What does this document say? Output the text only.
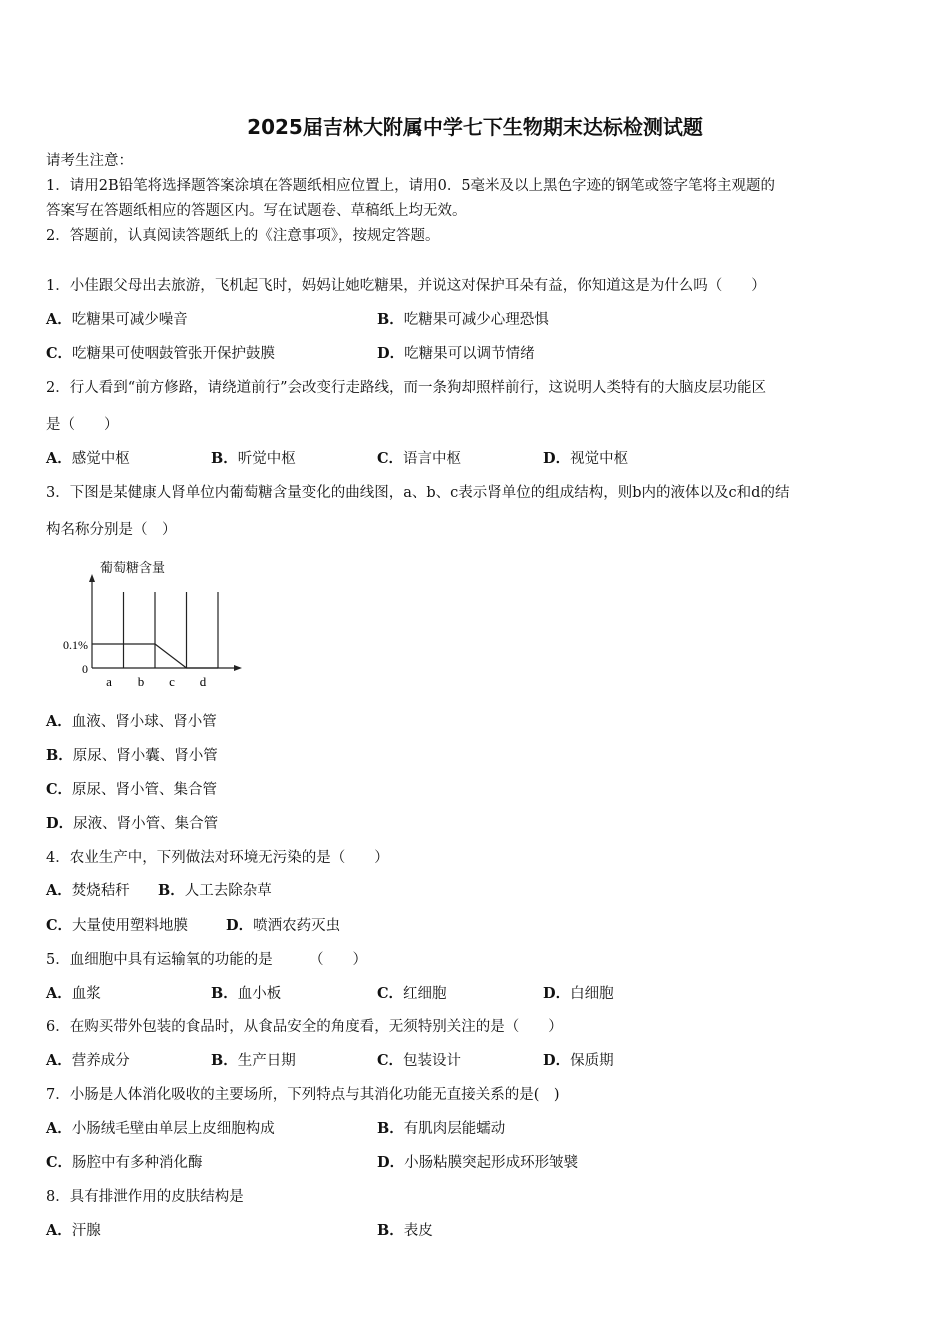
2025届吉林大附属中学七下生物期末达标检测试题
请考生注意：
1．请用2B铅笔将选择题答案涂填在答题纸相应位置上，请用0．5毫米及以上黑色字迹的钢笔或签字笔将主观题的
答案写在答题纸相应的答题区内。写在试题卷、草稿纸上均无效。
2．答题前，认真阅读答题纸上的《注意事项》，按规定答题。
1．小佳跟父母出去旅游，飞机起飞时，妈妈让她吃糖果，并说这对保护耳朵有益，你知道这是为什么吗（　　）
A．吃糖果可减少噪音	B．吃糖果可减少心理恐惧
C．吃糖果可使咽鼓管张开保护鼓膜	D．吃糖果可以调节情绪
2．行人看到“前方修路，请绕道前行”会改变行走路线，而一条狗却照样前行，这说明人类特有的大脑皮层功能区
是（　　）
A．感觉中枢	B．听觉中枢	C．语言中枢	D．视觉中枢
3．下图是某健康人肾单位内葡萄糖含量变化的曲线图，a、b、c表示肾单位的组成结构，则b内的液体以及c和d的结
构名称分别是（　）
葡萄糖含量
0.1%
0
a b c d
A．血液、肾小球、肾小管
B．原尿、肾小囊、肾小管
C．原尿、肾小管、集合管
D．尿液、肾小管、集合管
4．农业生产中，下列做法对环境无污染的是（　　）
A．焚烧秸秆 B．人工去除杂草
C．大量使用塑料地膜	D．喷洒农药灭虫
5．血细胞中具有运输氧的功能的是　　　（　　）
A．血浆	B．血小板	C．红细胞	D．白细胞
6．在购买带外包装的食品时，从食品安全的角度看，无须特别关注的是（　　）
A．营养成分	B．生产日期	C．包装设计	D．保质期
7．小肠是人体消化吸收的主要场所，下列特点与其消化功能无直接关系的是(　)
A．小肠绒毛壁由单层上皮细胞构成	B．有肌肉层能蠕动
C．肠腔中有多种消化酶	D．小肠粘膜突起形成环形皱襞
8．具有排泄作用的皮肤结构是
A．汗腺	B．表皮
